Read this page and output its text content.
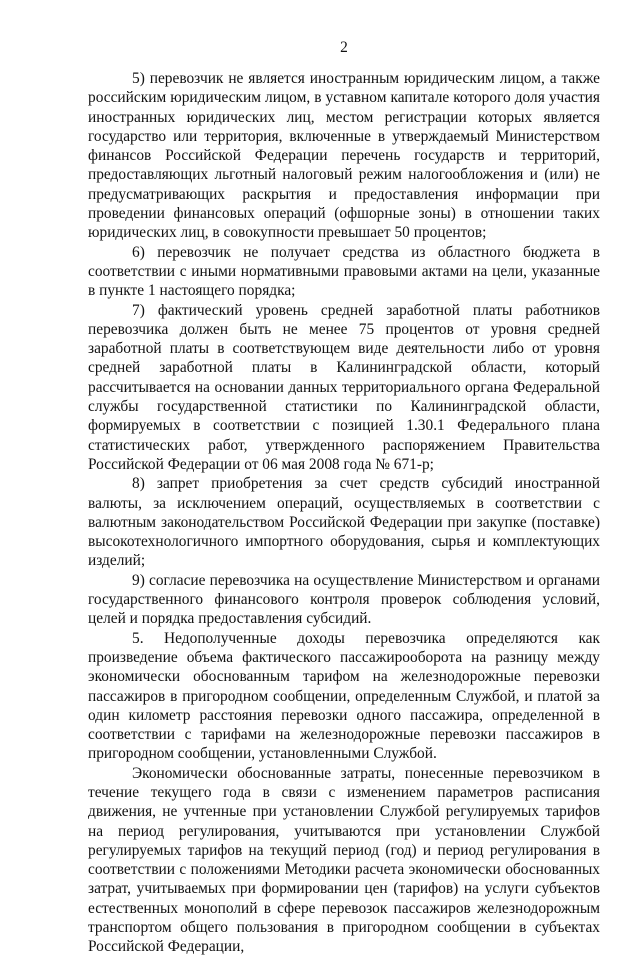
2

5) перевозчик не является иностранным юридическим лицом, а также российским юридическим лицом, в уставном капитале которого доля участия иностранных юридических лиц, местом регистрации которых является государство или территория, включенные в утверждаемый Министерством финансов Российской Федерации перечень государств и территорий, предоставляющих льготный налоговый режим налогообложения и (или) не предусматривающих раскрытия и предоставления информации при проведении финансовых операций (офшорные зоны) в отношении таких юридических лиц, в совокупности превышает 50 процентов;

6) перевозчик не получает средства из областного бюджета в соответствии с иными нормативными правовыми актами на цели, указанные в пункте 1 настоящего порядка;

7) фактический уровень средней заработной платы работников перевозчика должен быть не менее 75 процентов от уровня средней заработной платы в соответствующем виде деятельности либо от уровня средней заработной платы в Калининградской области, который рассчитывается на основании данных территориального органа Федеральной службы государственной статистики по Калининградской области, формируемых в соответствии с позицией 1.30.1 Федерального плана статистических работ, утвержденного распоряжением Правительства Российской Федерации от 06 мая 2008 года № 671-р;

8) запрет приобретения за счет средств субсидий иностранной валюты, за исключением операций, осуществляемых в соответствии с валютным законодательством Российской Федерации при закупке (поставке) высокотехнологичного импортного оборудования, сырья и комплектующих изделий;

9) согласие перевозчика на осуществление Министерством и органами государственного финансового контроля проверок соблюдения условий, целей и порядка предоставления субсидий.

5. Недополученные доходы перевозчика определяются как произведение объема фактического пассажирооборота на разницу между экономически обоснованным тарифом на железнодорожные перевозки пассажиров в пригородном сообщении, определенным Службой, и платой за один километр расстояния перевозки одного пассажира, определенной в соответствии с тарифами на железнодорожные перевозки пассажиров в пригородном сообщении, установленными Службой.

Экономически обоснованные затраты, понесенные перевозчиком в течение текущего года в связи с изменением параметров расписания движения, не учтенные при установлении Службой регулируемых тарифов на период регулирования, учитываются при установлении Службой регулируемых тарифов на текущий период (год) и период регулирования в соответствии с положениями Методики расчета экономически обоснованных затрат, учитываемых при формировании цен (тарифов) на услуги субъектов естественных монополий в сфере перевозок пассажиров железнодорожным транспортом общего пользования в пригородном сообщении в субъектах Российской Федерации,
